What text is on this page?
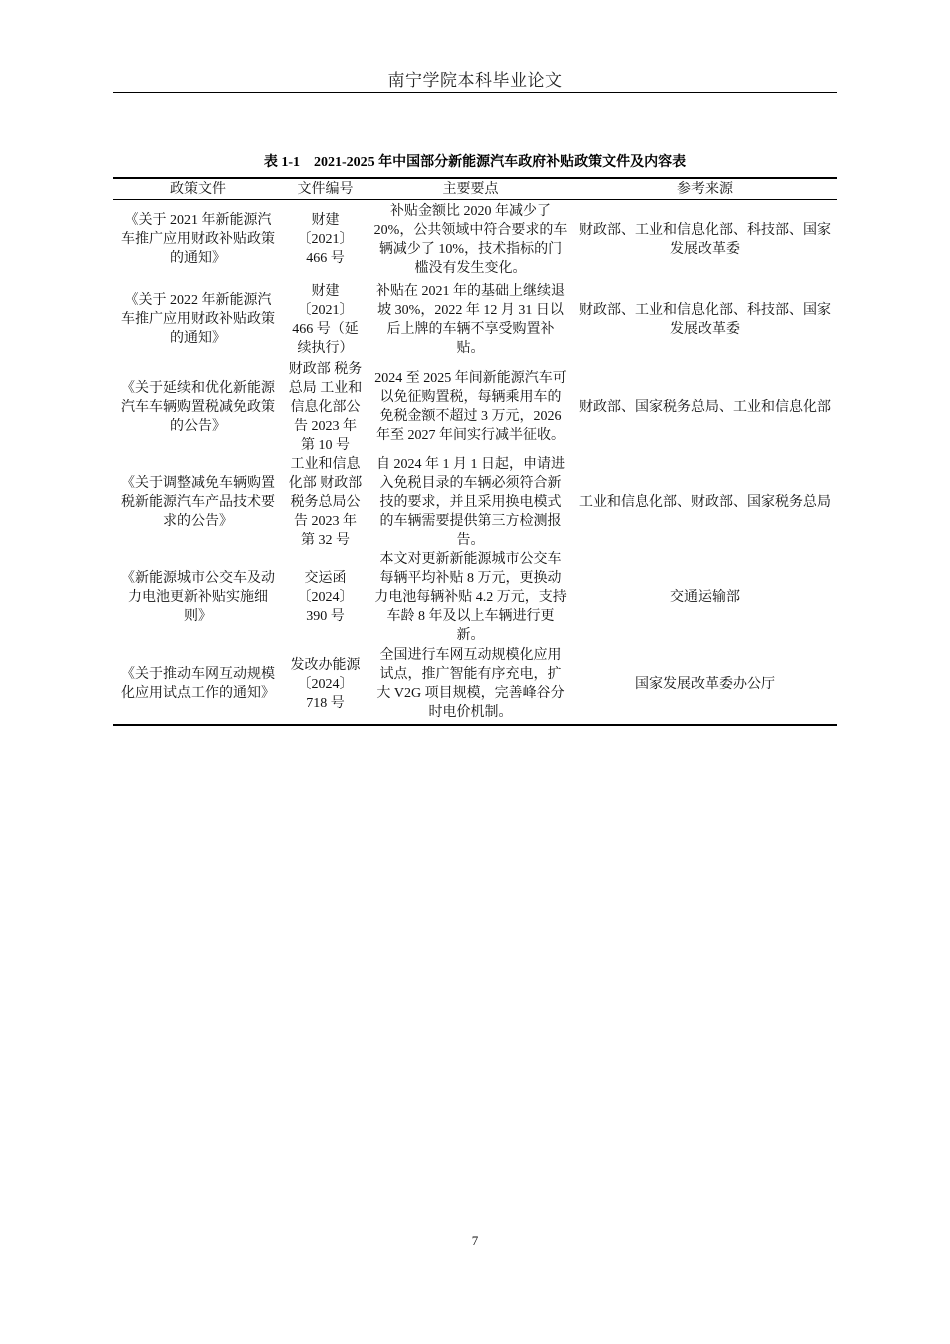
南宁学院本科毕业论文
表 1-1　2021-2025 年中国部分新能源汽车政府补贴政策文件及内容表
政策文件	文件编号	主要要点	参考来源
《关于 2021 年新能源汽车推广应用财政补贴政策的通知》	财建〔2021〕466 号	补贴金额比 2020 年减少了 20%，公共领域中符合要求的车辆减少了 10%，技术指标的门槛没有发生变化。	财政部、工业和信息化部、科技部、国家发展改革委
《关于 2022 年新能源汽车推广应用财政补贴政策的通知》	财建〔2021〕466 号（延续执行）	补贴在 2021 年的基础上继续退坡 30%，2022 年 12 月 31 日以后上牌的车辆不享受购置补贴。	财政部、工业和信息化部、科技部、国家发展改革委
《关于延续和优化新能源汽车车辆购置税减免政策的公告》	财政部 税务总局 工业和信息化部公告 2023 年第 10 号	2024 至 2025 年间新能源汽车可以免征购置税，每辆乘用车的免税金额不超过 3 万元，2026 年至 2027 年间实行减半征收。	财政部、国家税务总局、工业和信息化部
《关于调整减免车辆购置税新能源汽车产品技术要求的公告》	工业和信息化部 财政部 税务总局公告 2023 年第 32 号	自 2024 年 1 月 1 日起，申请进入免税目录的车辆必须符合新技的要求，并且采用换电模式的车辆需要提供第三方检测报告。	工业和信息化部、财政部、国家税务总局
《新能源城市公交车及动力电池更新补贴实施细则》	交运函〔2024〕390 号	本文对更新新能源城市公交车每辆平均补贴 8 万元，更换动力电池每辆补贴 4.2 万元，支持车龄 8 年及以上车辆进行更新。	交通运输部
《关于推动车网互动规模化应用试点工作的通知》	发改办能源〔2024〕718 号	全国进行车网互动规模化应用试点，推广智能有序充电，扩大 V2G 项目规模，完善峰谷分时电价机制。	国家发展改革委办公厅
7
